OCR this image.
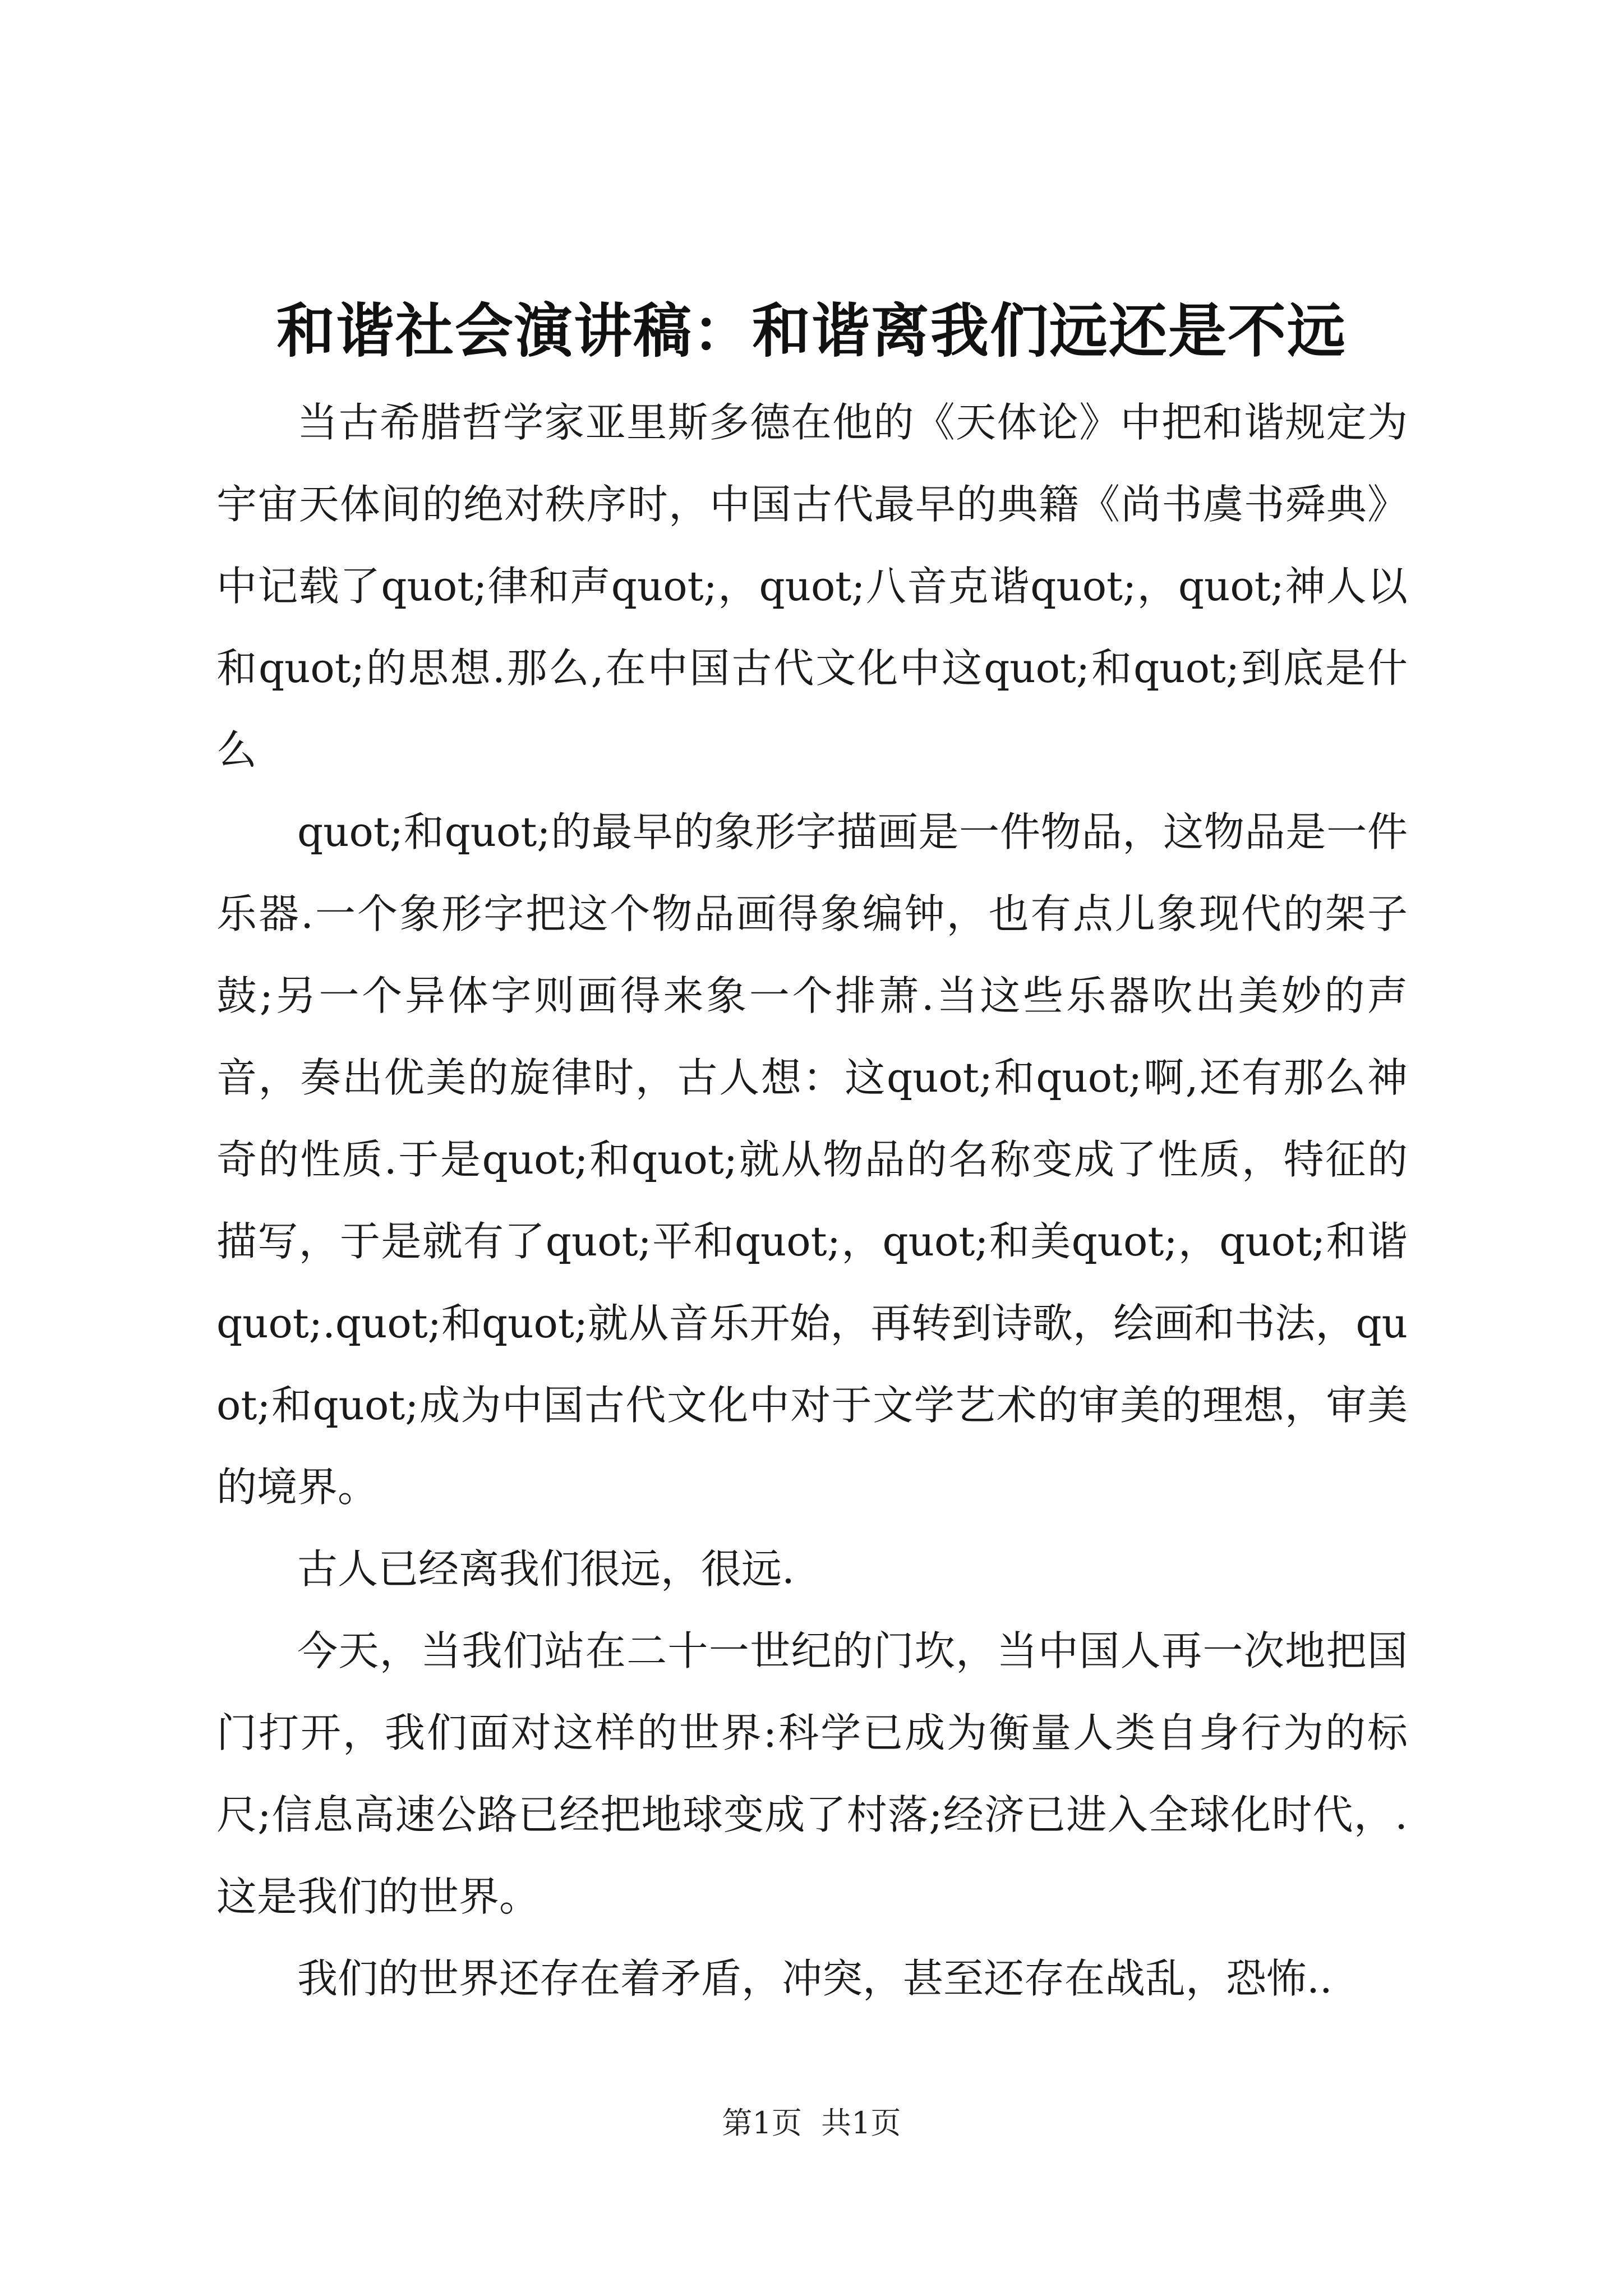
和谐社会演讲稿：和谐离我们远还是不远

当古希腊哲学家亚里斯多德在他的《天体论》中把和谐规定为宇宙天体间的绝对秩序时，中国古代最早的典籍《尚书虞书舜典》中记载了quot;律和声quot;，quot;八音克谐quot;，quot;神人以和quot;的思想.那么,在中国古代文化中这quot;和quot;到底是什么

quot;和quot;的最早的象形字描画是一件物品，这物品是一件乐器.一个象形字把这个物品画得象编钟，也有点儿象现代的架子鼓;另一个异体字则画得来象一个排萧.当这些乐器吹出美妙的声音，奏出优美的旋律时，古人想：这quot;和quot;啊,还有那么神奇的性质.于是quot;和quot;就从物品的名称变成了性质，特征的描写，于是就有了quot;平和quot;，quot;和美quot;，quot;和谐quot;.quot;和quot;就从音乐开始，再转到诗歌，绘画和书法，quot;和quot;成为中国古代文化中对于文学艺术的审美的理想，审美的境界。

古人已经离我们很远，很远.

今天，当我们站在二十一世纪的门坎，当中国人再一次地把国门打开，我们面对这样的世界:科学已成为衡量人类自身行为的标尺;信息高速公路已经把地球变成了村落;经济已进入全球化时代，.这是我们的世界。

我们的世界还存在着矛盾，冲突，甚至还存在战乱，恐怖..

第1页  共1页
